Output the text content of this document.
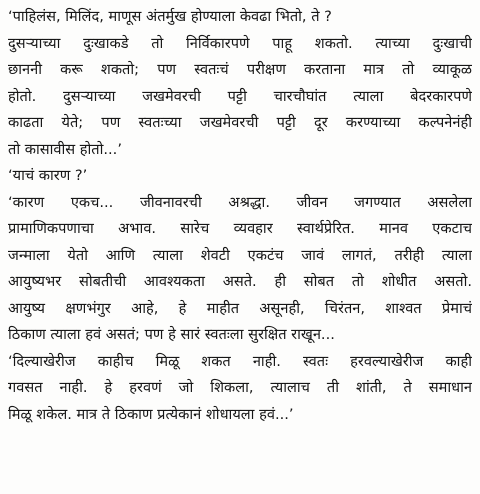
‘पाहिलंस, मिलिंद, माणूस अंतर्मुख होण्याला केवढा भितो, ते ?
दुसऱ्याच्या दुःखाकडे तो निर्विकारपणे पाहू शकतो. त्याच्या दुःखाची
छाननी करू शकतो; पण स्वतःचं परीक्षण करताना मात्र तो व्याकूळ
होतो. दुसऱ्याच्या जखमेवरची पट्टी चारचौघांत त्याला बेदरकारपणे
काढता येते; पण स्वतःच्या जखमेवरची पट्टी दूर करण्याच्या कल्पनेनंही
तो कासावीस होतो...’
‘याचं कारण ?’
‘कारण एकच... जीवनावरची अश्रद्धा. जीवन जगण्यात असलेला
प्रामाणिकपणाचा अभाव. सारेच व्यवहार स्वार्थप्रेरित. मानव एकटाच
जन्माला येतो आणि त्याला शेवटी एकटंच जावं लागतं, तरीही त्याला
आयुष्यभर सोबतीची आवश्यकता असते. ही सोबत तो शोधीत असतो.
आयुष्य क्षणभंगुर आहे, हे माहीत असूनही, चिरंतन, शाश्वत प्रेमाचं
ठिकाण त्याला हवं असतं; पण हे सारं स्वतःला सुरक्षित राखून...
‘दिल्याखेरीज काहीच मिळू शकत नाही. स्वतः हरवल्याखेरीज काही
गवसत नाही. हे हरवणं जो शिकला, त्यालाच ती शांती, ते समाधान
मिळू शकेल. मात्र ते ठिकाण प्रत्येकानं शोधायला हवं...’
